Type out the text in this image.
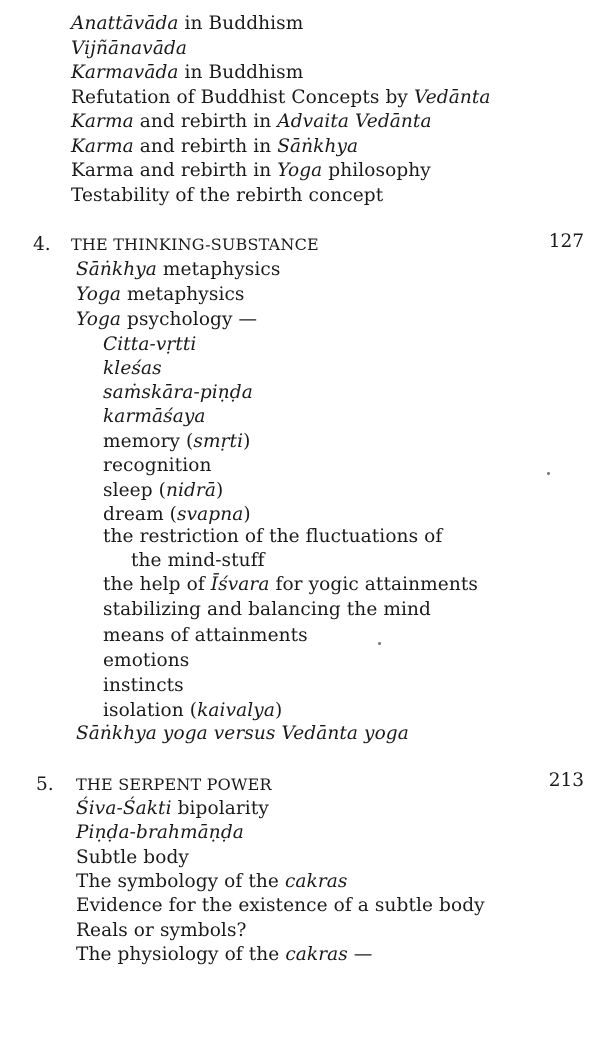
Anattāvāda in Buddhism
Vijñānavāda
Karmavāda in Buddhism
Refutation of Buddhist Concepts by Vedānta
Karma and rebirth in Advaita Vedānta
Karma and rebirth in Sāṅkhya
Karma and rebirth in Yoga philosophy
Testability of the rebirth concept
4. THE THINKING-SUBSTANCE	127
Sāṅkhya metaphysics
Yoga metaphysics
Yoga psychology —
Citta-vṛtti
kleśas
saṁskāra-piṇḍa
karmāśaya
memory (smṛti)
recognition
sleep (nidrā)
dream (svapna)
the restriction of the fluctuations of
the mind-stuff
the help of Īśvara for yogic attainments
stabilizing and balancing the mind
means of attainments
emotions
instincts
isolation (kaivalya)
Sāṅkhya yoga versus Vedānta yoga
5. THE SERPENT POWER	213
Śiva-Śakti bipolarity
Piṇḍa-brahmāṇḍa
Subtle body
The symbology of the cakras
Evidence for the existence of a subtle body
Reals or symbols?
The physiology of the cakras —
